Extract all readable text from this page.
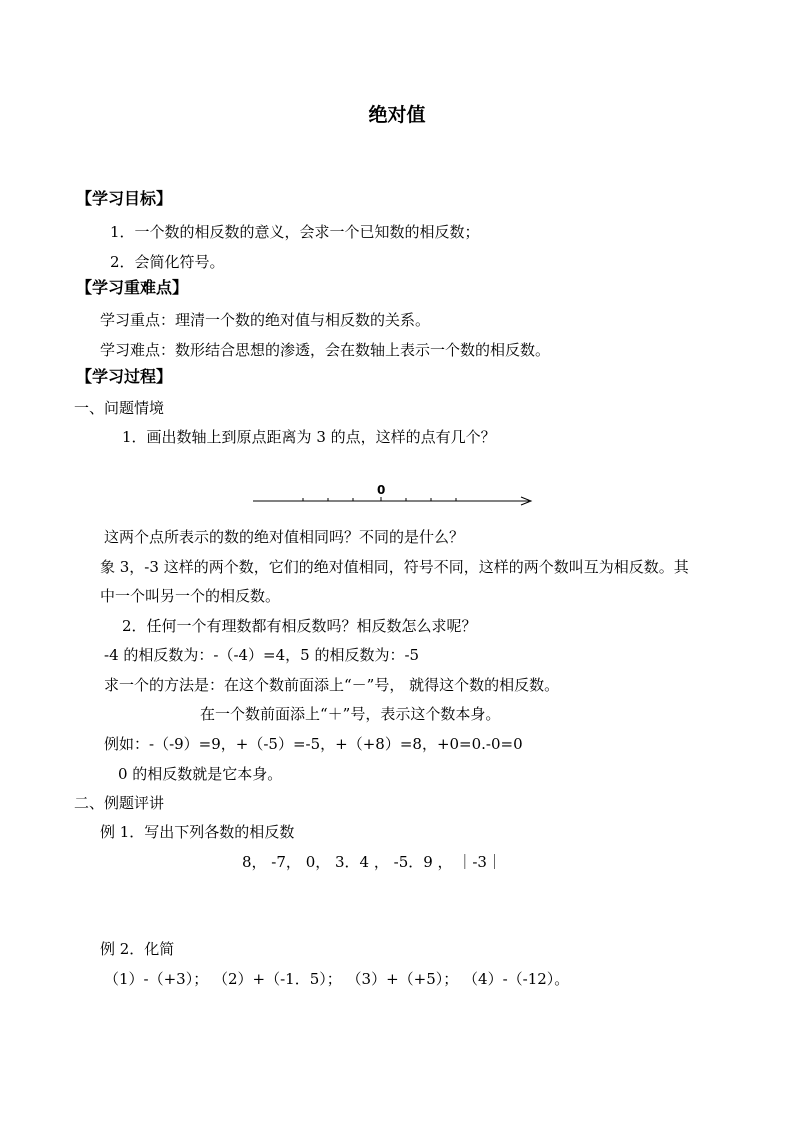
绝对值
【学习目标】
1．一个数的相反数的意义，会求一个已知数的相反数；
2．会简化符号。
【学习重难点】
学习重点：理清一个数的绝对值与相反数的关系。
学习难点：数形结合思想的渗透，会在数轴上表示一个数的相反数。
【学习过程】
一、问题情境
1．画出数轴上到原点距离为 3 的点，这样的点有几个？
0
这两个点所表示的数的绝对值相同吗？不同的是什么？
象 3，-3 这样的两个数，它们的绝对值相同，符号不同，这样的两个数叫互为相反数。其
中一个叫另一个的相反数。
2．任何一个有理数都有相反数吗？相反数怎么求呢？
-4 的相反数为：-（-4）=4，5 的相反数为：-5
求一个的方法是：在这个数前面添上“－”号， 就得这个数的相反数。
在一个数前面添上“＋”号，表示这个数本身。
例如：-（-9）=9，+（-5）=-5，+（+8）=8，+0=0.-0=0
0 的相反数就是它本身。
二、例题评讲
例 1．写出下列各数的相反数
8， -7， 0， 3．4 ， -5．9 ， ｜-3｜
例 2．化简
（1）-（+3）； （2）+（-1．5）； （3）+（+5）； （4）-（-12）。
